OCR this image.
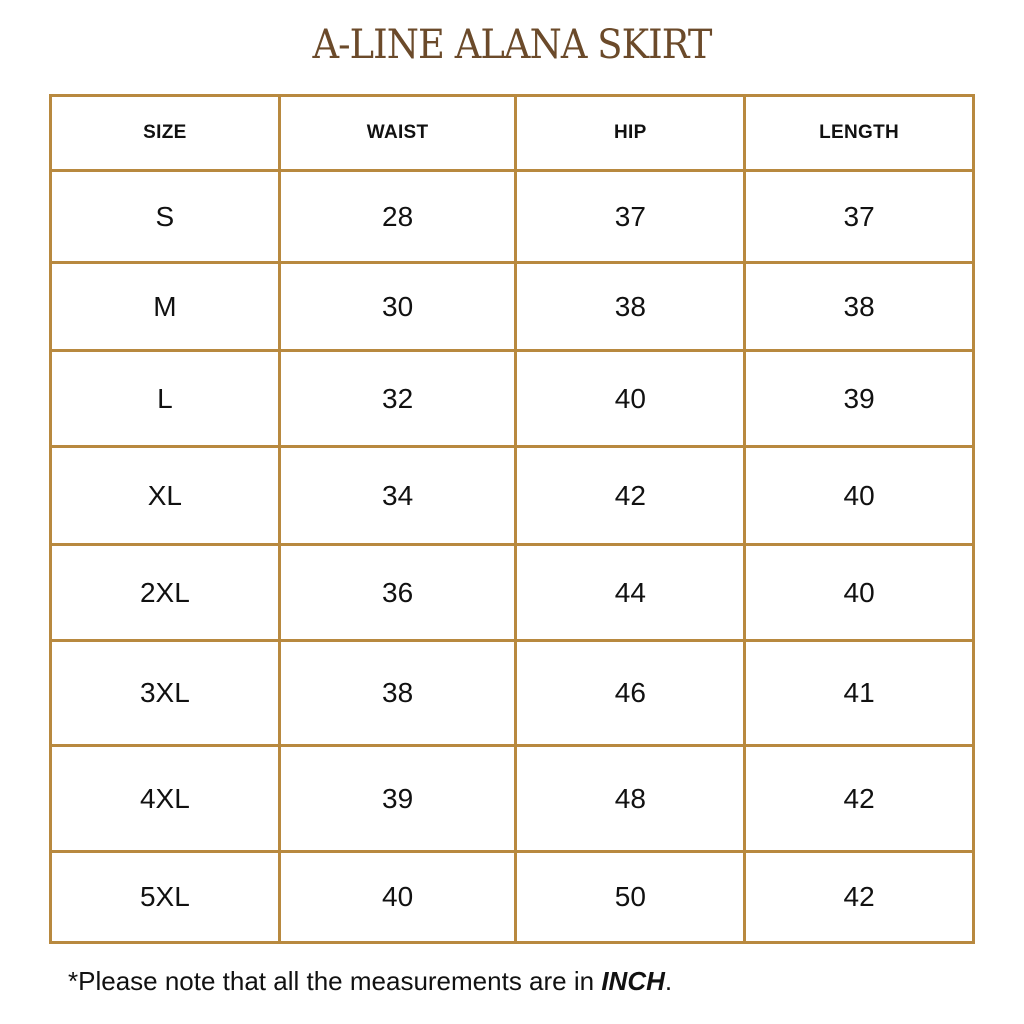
A-LINE ALANA SKIRT
SIZE	WAIST	HIP	LENGTH
S	28	37	37
M	30	38	38
L	32	40	39
XL	34	42	40
2XL	36	44	40
3XL	38	46	41
4XL	39	48	42
5XL	40	50	42
*Please note that all the measurements are in INCH.
